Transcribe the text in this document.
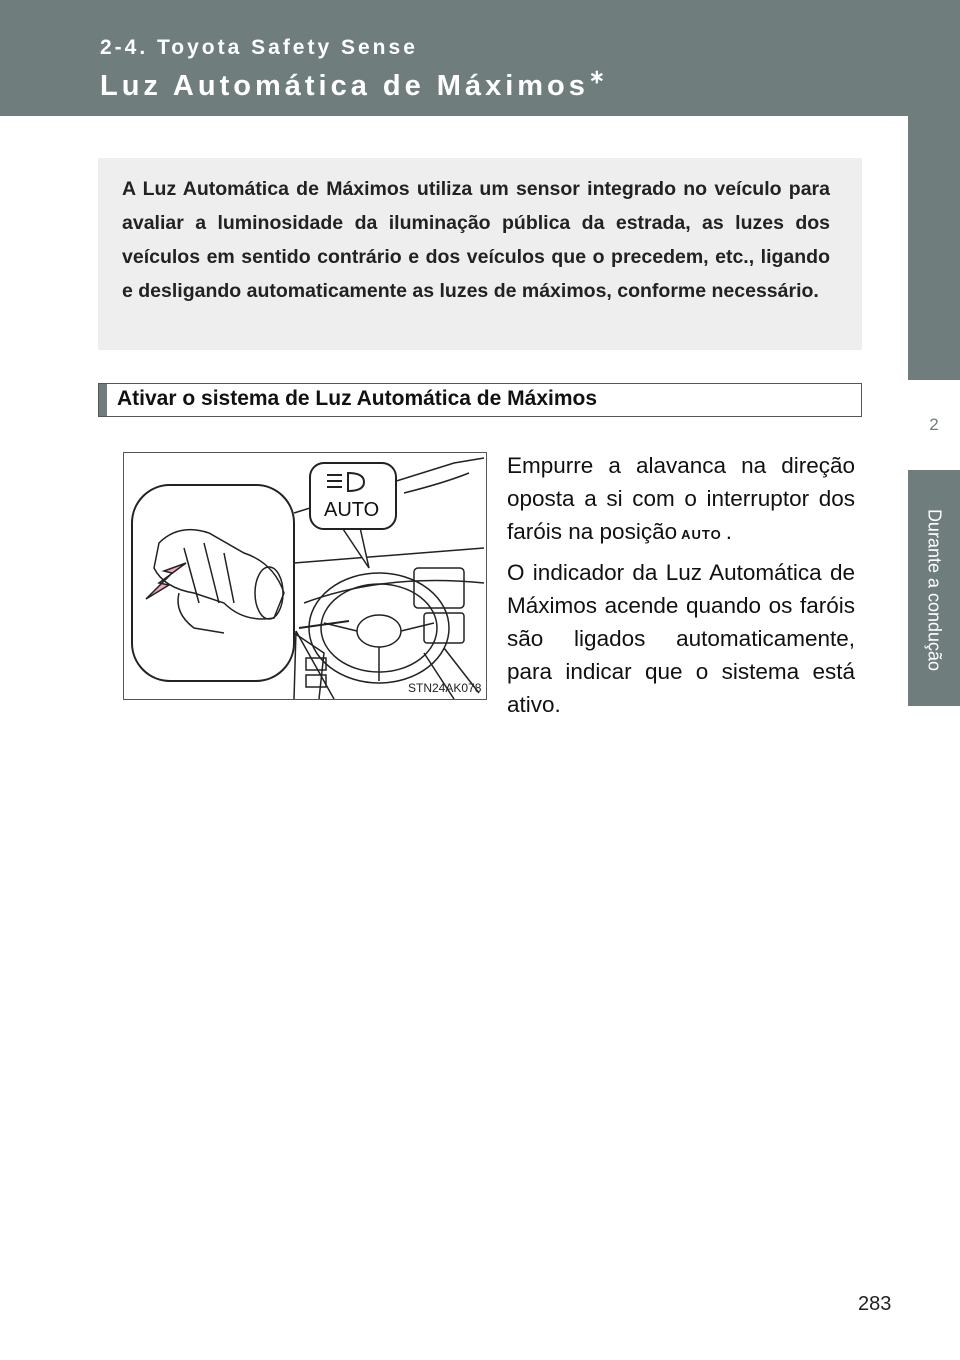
2-4. Toyota Safety Sense
Luz Automática de Máximos∗
2
Durante a condução
A Luz Automática de Máximos utiliza um sensor integrado no veículo para avaliar a luminosidade da iluminação pública da estrada, as luzes dos veículos em sentido contrário e dos veículos que o precedem, etc., ligando e desligando automaticamente as luzes de máximos, conforme necessário.
Ativar o sistema de Luz Automática de Máximos
AUTO
STN24AK078

Empurre a alavanca na direção oposta a si com o interruptor dos faróis na posição AUTO .

O indicador da Luz Automática de Máximos acende quando os faróis são ligados automaticamente, para indicar que o sistema está ativo.

283
